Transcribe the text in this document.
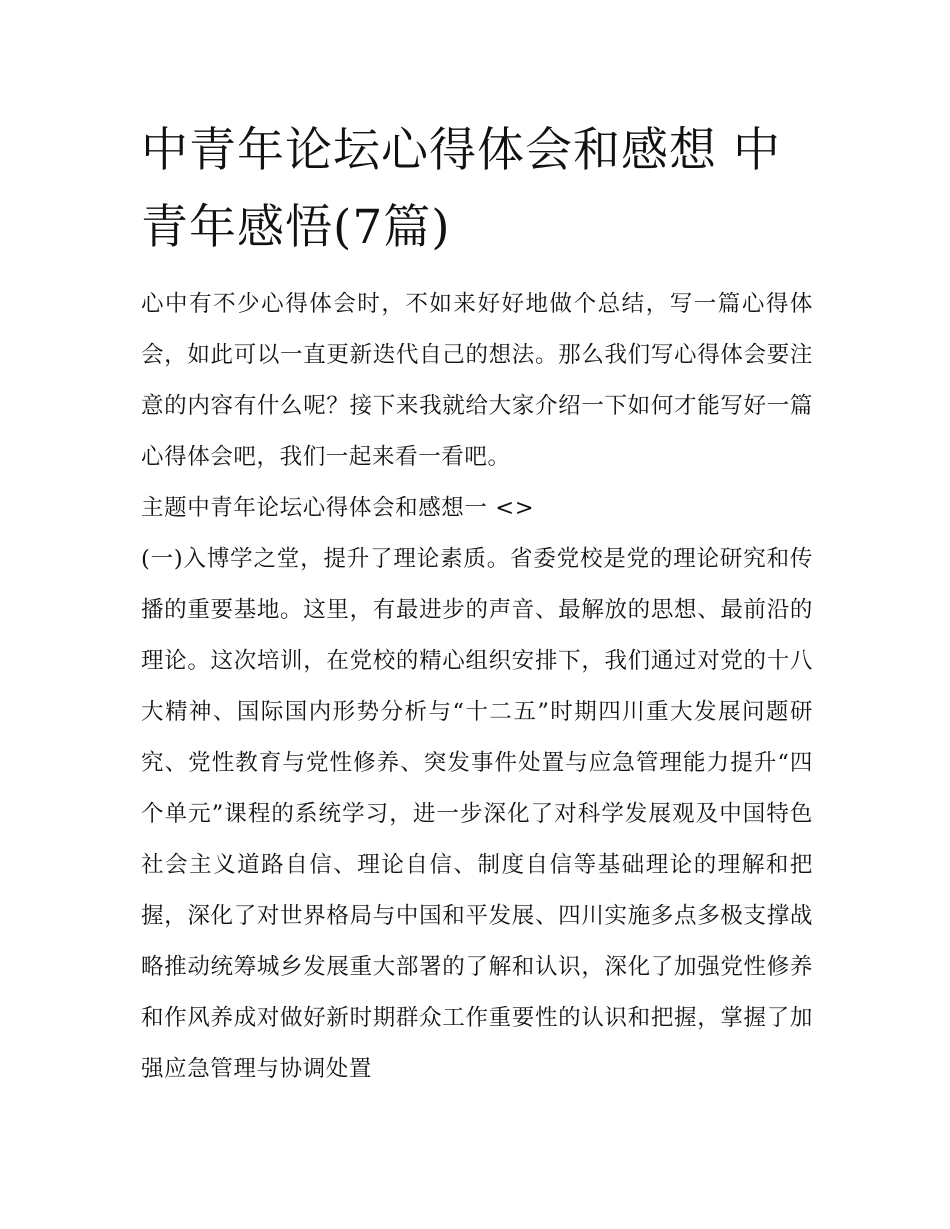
中青年论坛心得体会和感想 中青年感悟(7篇)

心中有不少心得体会时，不如来好好地做个总结，写一篇心得体会，如此可以一直更新迭代自己的想法。那么我们写心得体会要注意的内容有什么呢？接下来我就给大家介绍一下如何才能写好一篇心得体会吧，我们一起来看一看吧。

主题中青年论坛心得体会和感想一 <>

(一)入博学之堂，提升了理论素质。省委党校是党的理论研究和传播的重要基地。这里，有最进步的声音、最解放的思想、最前沿的理论。这次培训，在党校的精心组织安排下，我们通过对党的十八大精神、国际国内形势分析与“十二五”时期四川重大发展问题研究、党性教育与党性修养、突发事件处置与应急管理能力提升“四个单元”课程的系统学习，进一步深化了对科学发展观及中国特色社会主义道路自信、理论自信、制度自信等基础理论的理解和把握，深化了对世界格局与中国和平发展、四川实施多点多极支撑战略推动统筹城乡发展重大部署的了解和认识，深化了加强党性修养和作风养成对做好新时期群众工作重要性的认识和把握，掌握了加强应急管理与协调处置
